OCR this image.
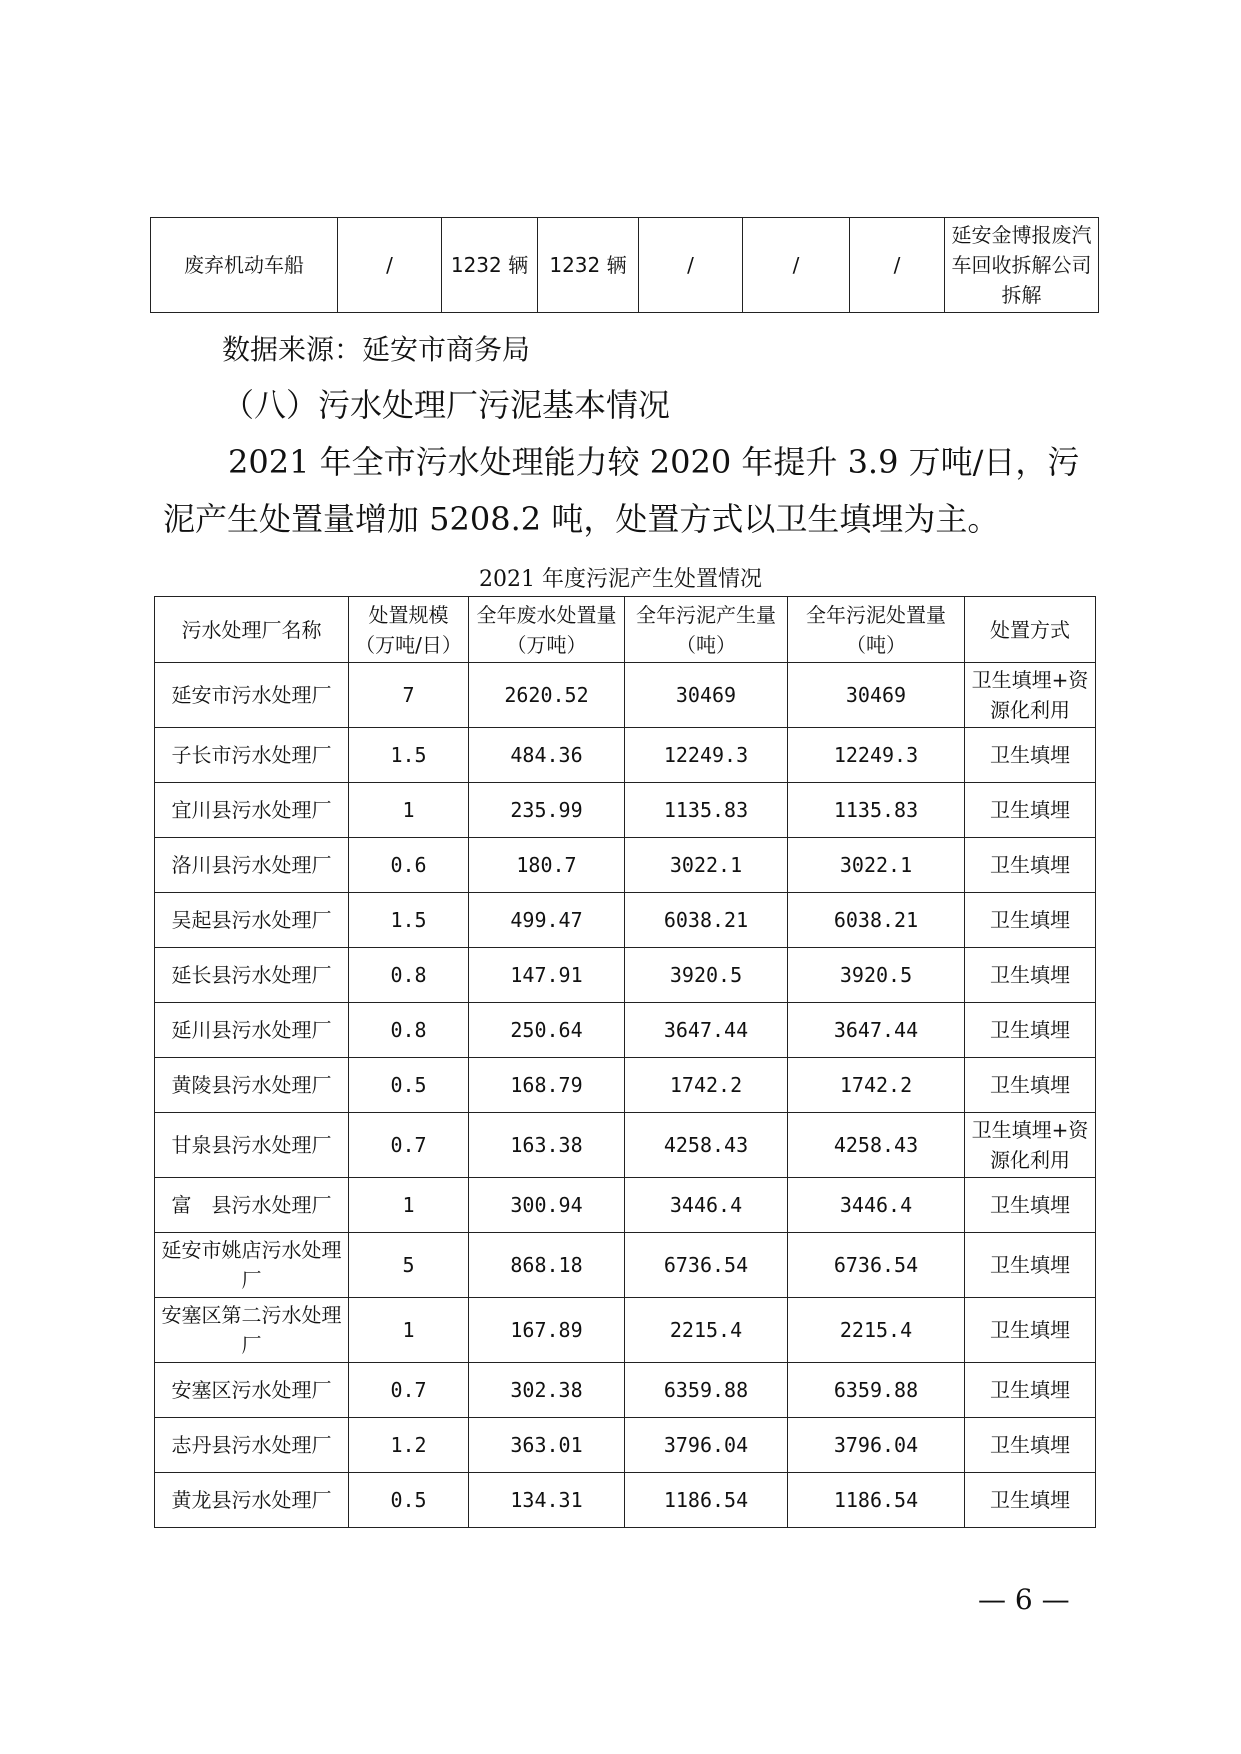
废弃机动车船	/	1232 辆	1232 辆	/	/	/	延安金博报废汽车回收拆解公司拆解
数据来源：延安市商务局
（八）污水处理厂污泥基本情况
2021 年全市污水处理能力较 2020 年提升 3.9 万吨/日，污
泥产生处置量增加 5208.2 吨，处置方式以卫生填埋为主。
2021 年度污泥产生处置情况
污水处理厂名称	处置规模（万吨/日）	全年废水处置量（万吨）	全年污泥产生量（吨）	全年污泥处置量（吨）	处置方式
延安市污水处理厂	7	2620.52	30469	30469	卫生填埋+资源化利用
子长市污水处理厂	1.5	484.36	12249.3	12249.3	卫生填埋
宜川县污水处理厂	1	235.99	1135.83	1135.83	卫生填埋
洛川县污水处理厂	0.6	180.7	3022.1	3022.1	卫生填埋
吴起县污水处理厂	1.5	499.47	6038.21	6038.21	卫生填埋
延长县污水处理厂	0.8	147.91	3920.5	3920.5	卫生填埋
延川县污水处理厂	0.8	250.64	3647.44	3647.44	卫生填埋
黄陵县污水处理厂	0.5	168.79	1742.2	1742.2	卫生填埋
甘泉县污水处理厂	0.7	163.38	4258.43	4258.43	卫生填埋+资源化利用
富　县污水处理厂	1	300.94	3446.4	3446.4	卫生填埋
延安市姚店污水处理厂	5	868.18	6736.54	6736.54	卫生填埋
安塞区第二污水处理厂	1	167.89	2215.4	2215.4	卫生填埋
安塞区污水处理厂	0.7	302.38	6359.88	6359.88	卫生填埋
志丹县污水处理厂	1.2	363.01	3796.04	3796.04	卫生填埋
黄龙县污水处理厂	0.5	134.31	1186.54	1186.54	卫生填埋
— 6 —
